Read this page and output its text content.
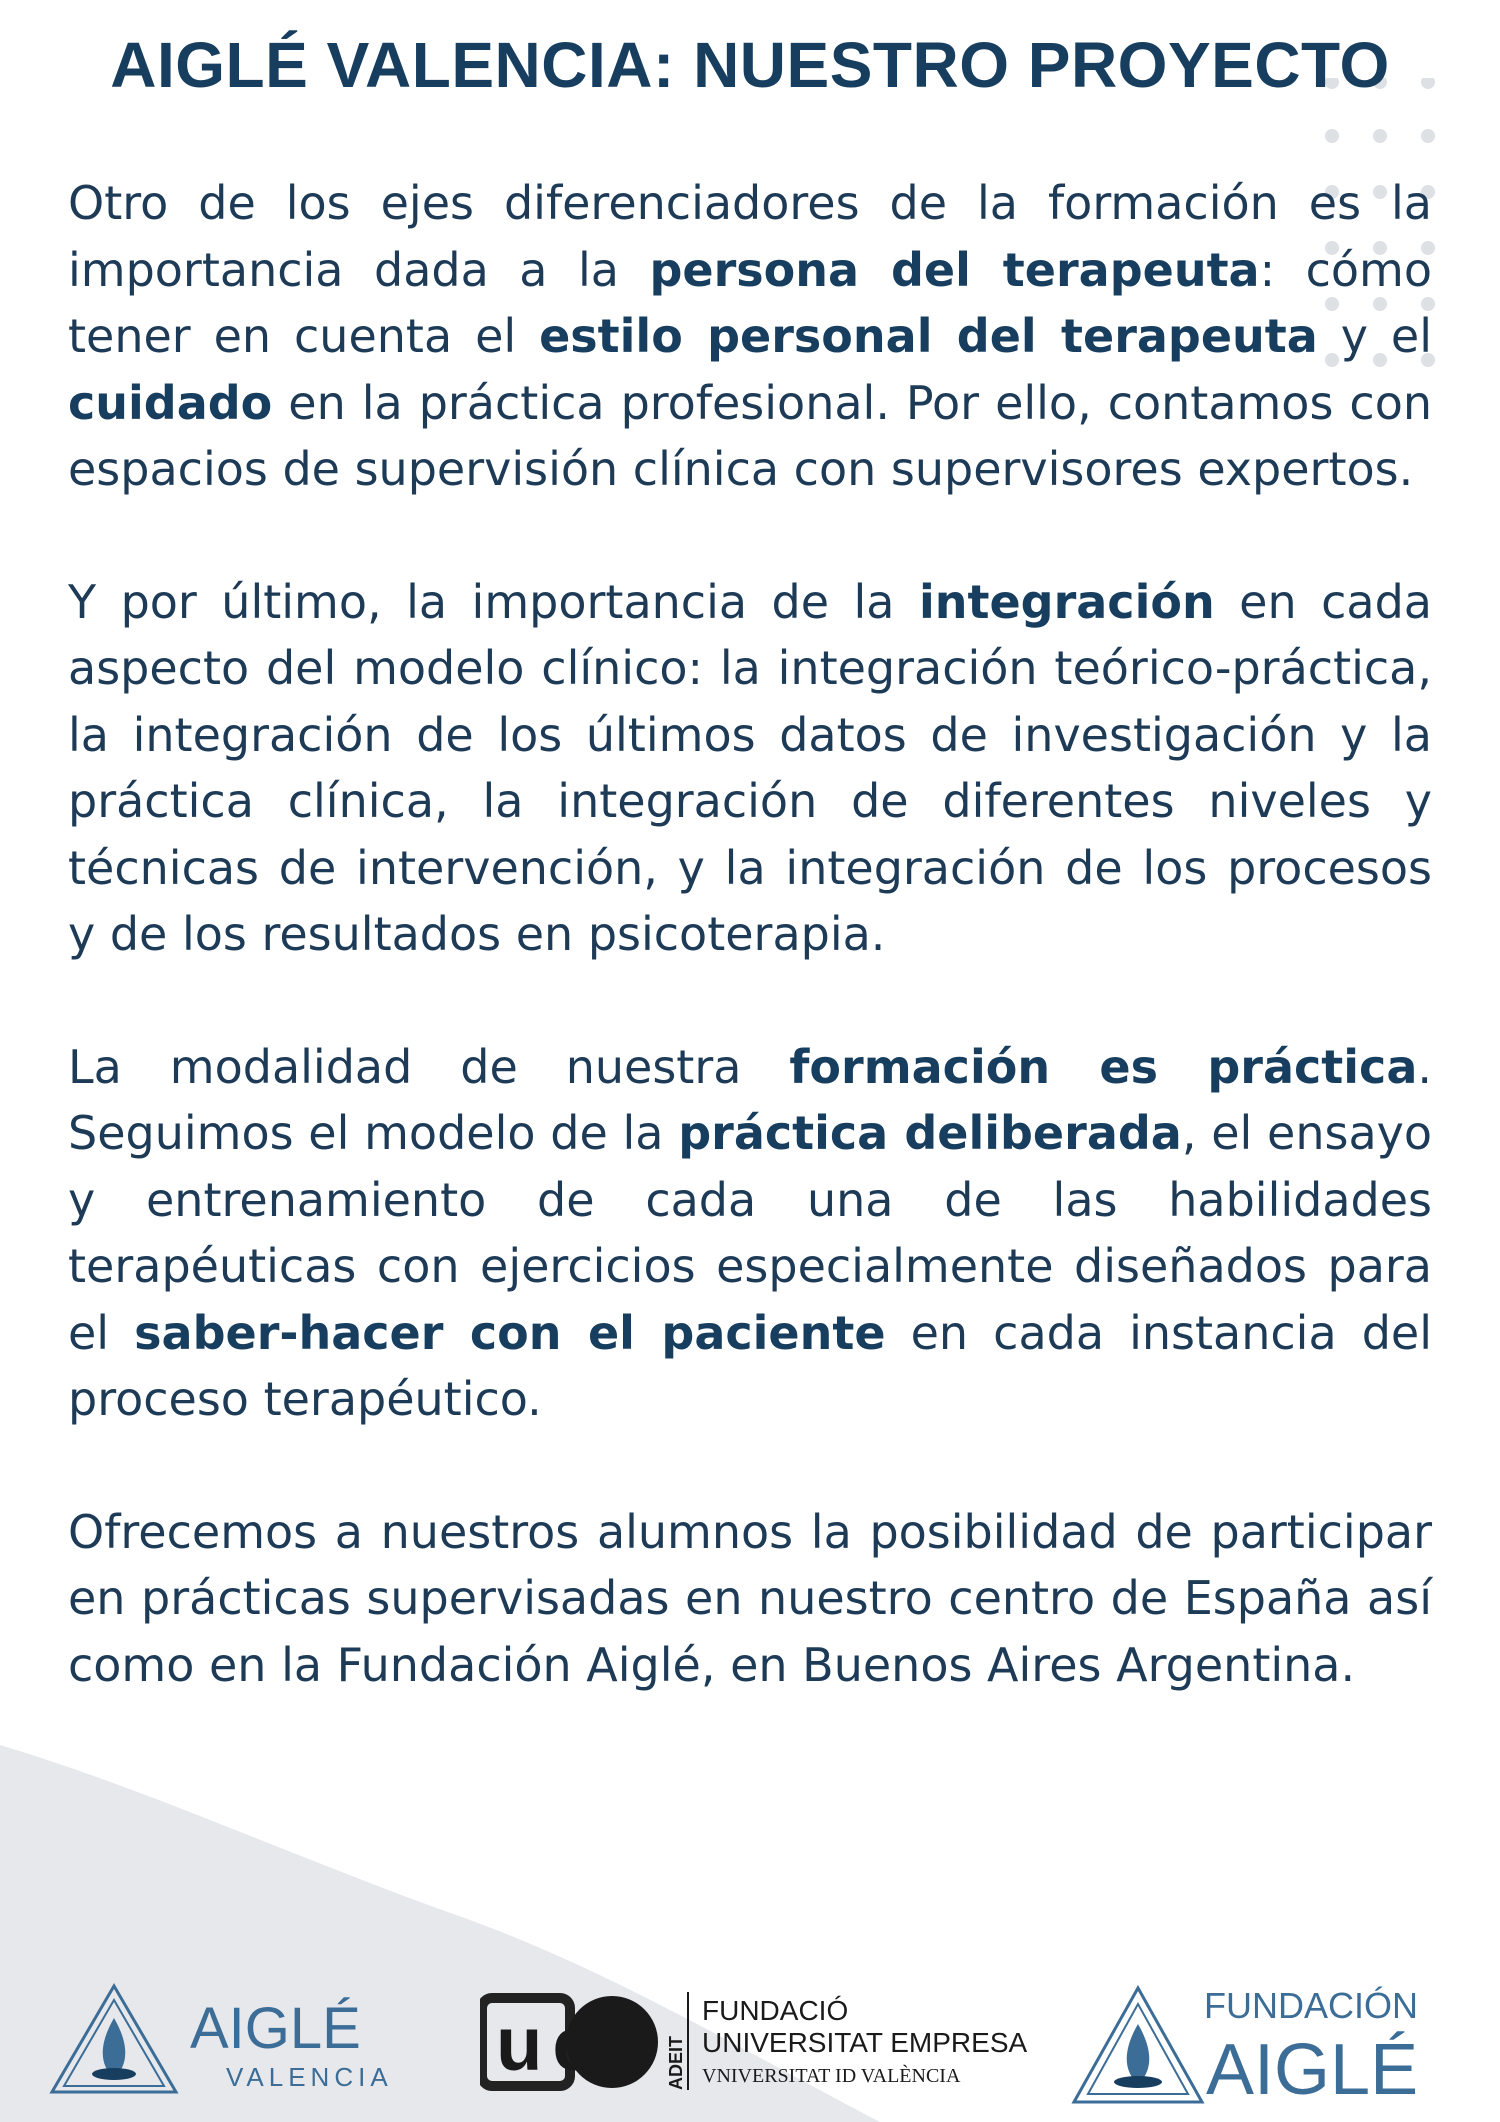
AIGLÉ VALENCIA: NUESTRO PROYECTO

Otro de los ejes diferenciadores de la formación es la importancia dada a la persona del terapeuta: cómo tener en cuenta el estilo personal del terapeuta y el cuidado en la práctica profesional. Por ello, contamos con espacios de supervisión clínica con supervisores expertos.

Y por último, la importancia de la integración en cada aspecto del modelo clínico: la integración teórico-práctica, la integración de los últimos datos de investigación y la práctica clínica, la integración de diferentes niveles y técnicas de intervención, y la integración de los procesos y de los resultados en psicoterapia.

La modalidad de nuestra formación es práctica. Seguimos el modelo de la práctica deliberada, el ensayo y entrenamiento de cada una de las habilidades terapéuticas con ejercicios especialmente diseñados para el saber-hacer con el paciente en cada instancia del proceso terapéutico.

Ofrecemos a nuestros alumnos la posibilidad de participar en prácticas supervisadas en nuestro centro de España así como en la Fundación Aiglé, en Buenos Aires Argentina.

AIGLÉ
VALENCIA ue	ADEIT
FUNDACIÓ
UNIVERSITAT EMPRESA
VNIVERSITAT ID VALÈNCIA
FUNDACIÓN
AIGLÉ
